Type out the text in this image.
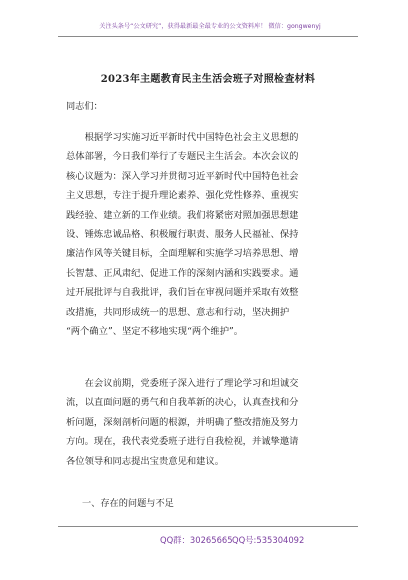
关注头条号“公文研究”，获得最新最全最专业的公文资料库！ 微信：gongwenyj
2023年主题教育民主生活会班子对照检查材料
同志们：
　　根据学习实施习近平新时代中国特色社会主义思想的
总体部署，今日我们举行了专题民主生活会。本次会议的
核心议题为：深入学习并贯彻习近平新时代中国特色社会
主义思想，专注于提升理论素养、强化党性修养、重视实
践经验、建立新的工作业绩。我们将紧密对照加强思想建
设、锤炼忠诚品格、积极履行职责、服务人民福祉、保持
廉洁作风等关键目标，全面理解和实施学习培养思想、增
长智慧、正风肃纪、促进工作的深刻内涵和实践要求。通
过开展批评与自我批评，我们旨在审视问题并采取有效整
改措施，共同形成统一的思想、意志和行动，坚决拥护
“两个确立”、坚定不移地实现“两个维护”。
　　在会议前期，党委班子深入进行了理论学习和坦诚交
流，以直面问题的勇气和自我革新的决心，认真查找和分
析问题，深刻剖析问题的根源，并明确了整改措施及努力
方向。现在，我代表党委班子进行自我检视，并诚挚邀请
各位领导和同志提出宝贵意见和建议。
一、存在的问题与不足
QQ群：30265665 QQ号:535304092
